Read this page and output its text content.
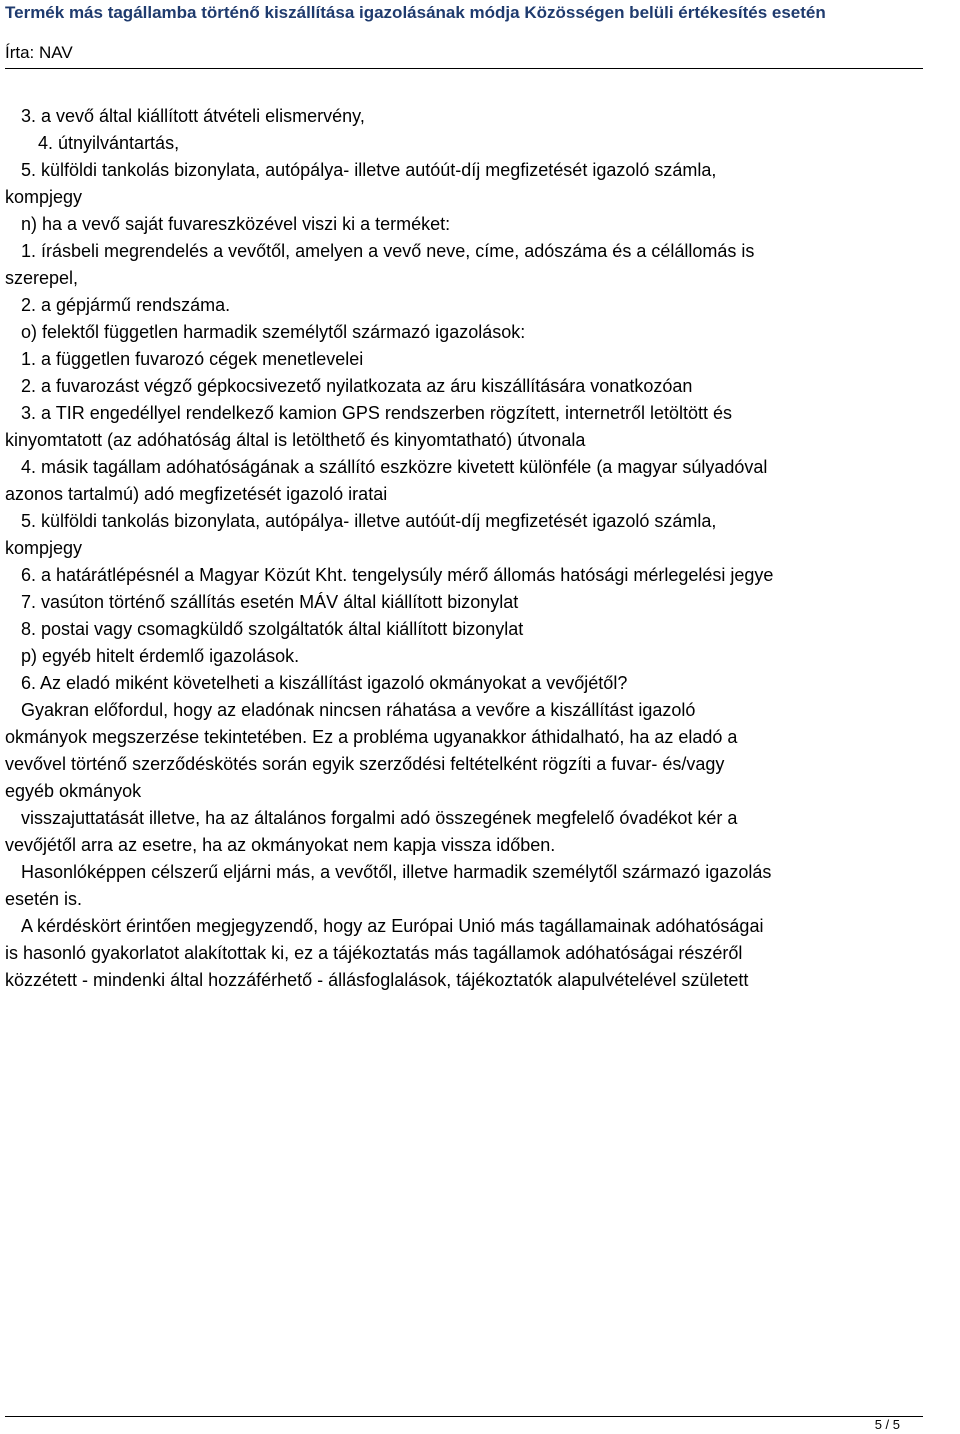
Termék más tagállamba történő kiszállítása igazolásának módja Közösségen belüli értékesítés esetén
Írta: NAV
3. a vevő által kiállított átvételi elismervény,
4. útnyilvántartás,
5. külföldi tankolás bizonylata, autópálya- illetve autóút-díj megfizetését igazoló számla,
kompjegy
n) ha a vevő saját fuvareszközével viszi ki a terméket:
1. írásbeli megrendelés a vevőtől, amelyen a vevő neve, címe, adószáma és a célállomás is
szerepel,
2. a gépjármű rendszáma.
o) felektől független harmadik személytől származó igazolások:
1. a független fuvarozó cégek menetlevelei
2. a fuvarozást végző gépkocsivezető nyilatkozata az áru kiszállítására vonatkozóan
3. a TIR engedéllyel rendelkező kamion GPS rendszerben rögzített, internetről letöltött és
kinyomtatott (az adóhatóság által is letölthető és kinyomtatható) útvonala
4. másik tagállam adóhatóságának a szállító eszközre kivetett különféle (a magyar súlyadóval
azonos tartalmú) adó megfizetését igazoló iratai
5. külföldi tankolás bizonylata, autópálya- illetve autóút-díj megfizetését igazoló számla,
kompjegy
6. a határátlépésnél a Magyar Közút Kht. tengelysúly mérő állomás hatósági mérlegelési jegye
7. vasúton történő szállítás esetén MÁV által kiállított bizonylat
8. postai vagy csomagküldő szolgáltatók által kiállított bizonylat
p) egyéb hitelt érdemlő igazolások.
6. Az eladó miként követelheti a kiszállítást igazoló okmányokat a vevőjétől?
Gyakran előfordul, hogy az eladónak nincsen ráhatása a vevőre a kiszállítást igazoló
okmányok megszerzése tekintetében. Ez a probléma ugyanakkor áthidalható, ha az eladó a
vevővel történő szerződéskötés során egyik szerződési feltételként rögzíti a fuvar- és/vagy
egyéb okmányok
visszajuttatását illetve, ha az általános forgalmi adó összegének megfelelő óvadékot kér a
vevőjétől arra az esetre, ha az okmányokat nem kapja vissza időben.
Hasonlóképpen célszerű eljárni más, a vevőtől, illetve harmadik személytől származó igazolás
esetén is.
A kérdéskört érintően megjegyzendő, hogy az Európai Unió más tagállamainak adóhatóságai
is hasonló gyakorlatot alakítottak ki, ez a tájékoztatás más tagállamok adóhatóságai részéről
közzétett - mindenki által hozzáférhető - állásfoglalások, tájékoztatók alapulvételével született
5 / 5
